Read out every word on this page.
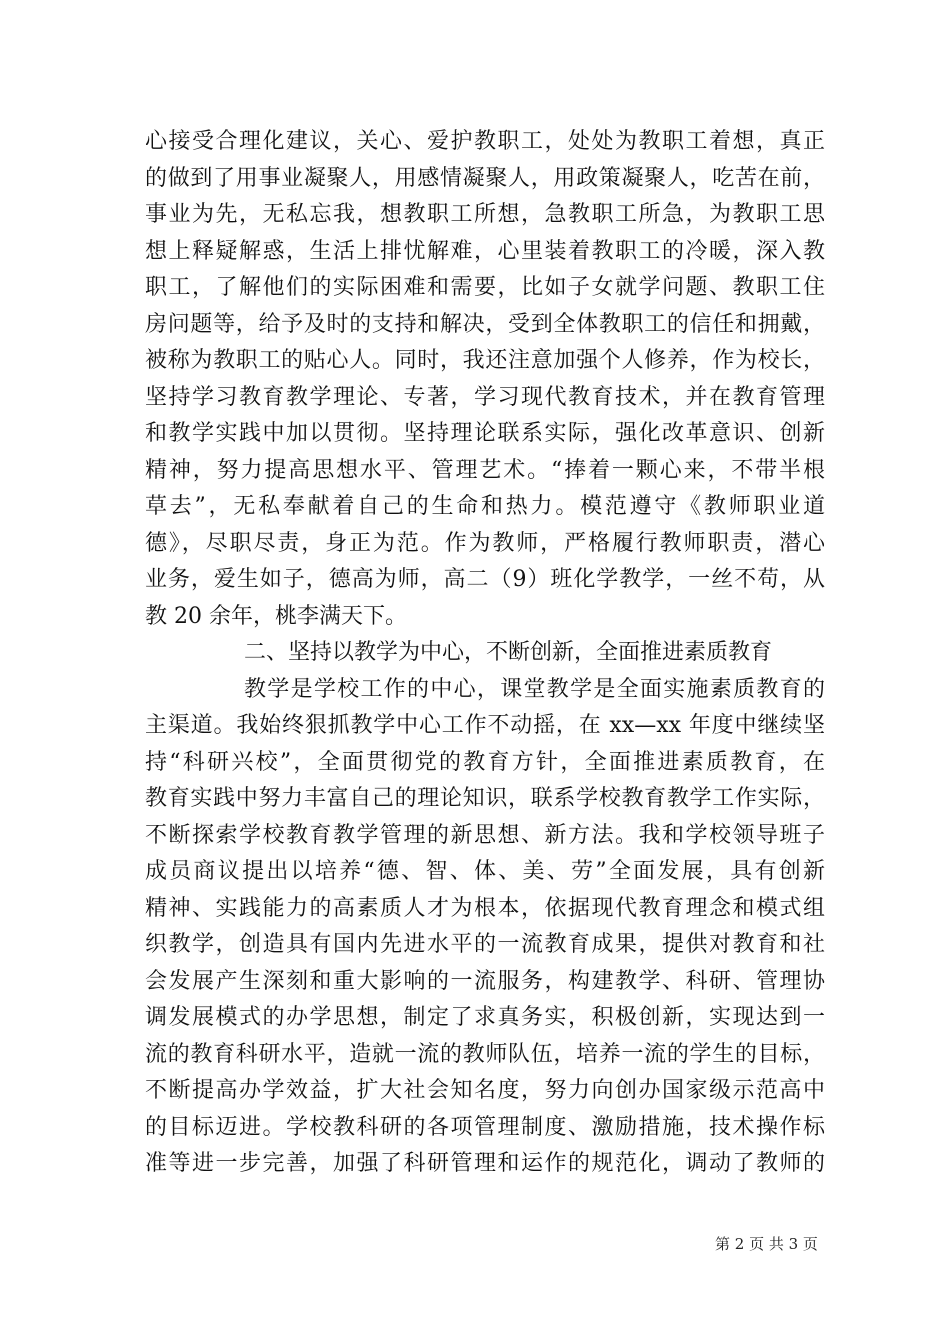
心接受合理化建议，关心、爱护教职工，处处为教职工着想，真正
的做到了用事业凝聚人，用感情凝聚人，用政策凝聚人，吃苦在前，
事业为先，无私忘我，想教职工所想，急教职工所急，为教职工思
想上释疑解惑，生活上排忧解难，心里装着教职工的冷暖，深入教
职工，了解他们的实际困难和需要，比如子女就学问题、教职工住
房问题等，给予及时的支持和解决，受到全体教职工的信任和拥戴，
被称为教职工的贴心人。同时，我还注意加强个人修养，作为校长，
坚持学习教育教学理论、专著，学习现代教育技术，并在教育管理
和教学实践中加以贯彻。坚持理论联系实际，强化改革意识、创新
精神，努力提高思想水平、管理艺术。“捧着一颗心来，不带半根
草去”，无私奉献着自己的生命和热力。模范遵守《教师职业道
德》，尽职尽责，身正为范。作为教师，严格履行教师职责，潜心
业务，爱生如子，德高为师，高二（9）班化学教学，一丝不苟，从
教 20 余年，桃李满天下。
二、坚持以教学为中心，不断创新，全面推进素质教育
教学是学校工作的中心，课堂教学是全面实施素质教育的
主渠道。我始终狠抓教学中心工作不动摇，在 xx—xx 年度中继续坚
持“科研兴校”，全面贯彻党的教育方针，全面推进素质教育，在
教育实践中努力丰富自己的理论知识，联系学校教育教学工作实际，
不断探索学校教育教学管理的新思想、新方法。我和学校领导班子
成员商议提出以培养“德、智、体、美、劳”全面发展，具有创新
精神、实践能力的高素质人才为根本，依据现代教育理念和模式组
织教学，创造具有国内先进水平的一流教育成果，提供对教育和社
会发展产生深刻和重大影响的一流服务，构建教学、科研、管理协
调发展模式的办学思想，制定了求真务实，积极创新，实现达到一
流的教育科研水平，造就一流的教师队伍，培养一流的学生的目标，
不断提高办学效益，扩大社会知名度，努力向创办国家级示范高中
的目标迈进。学校教科研的各项管理制度、激励措施，技术操作标
准等进一步完善，加强了科研管理和运作的规范化，调动了教师的
第 2 页 共 3 页
